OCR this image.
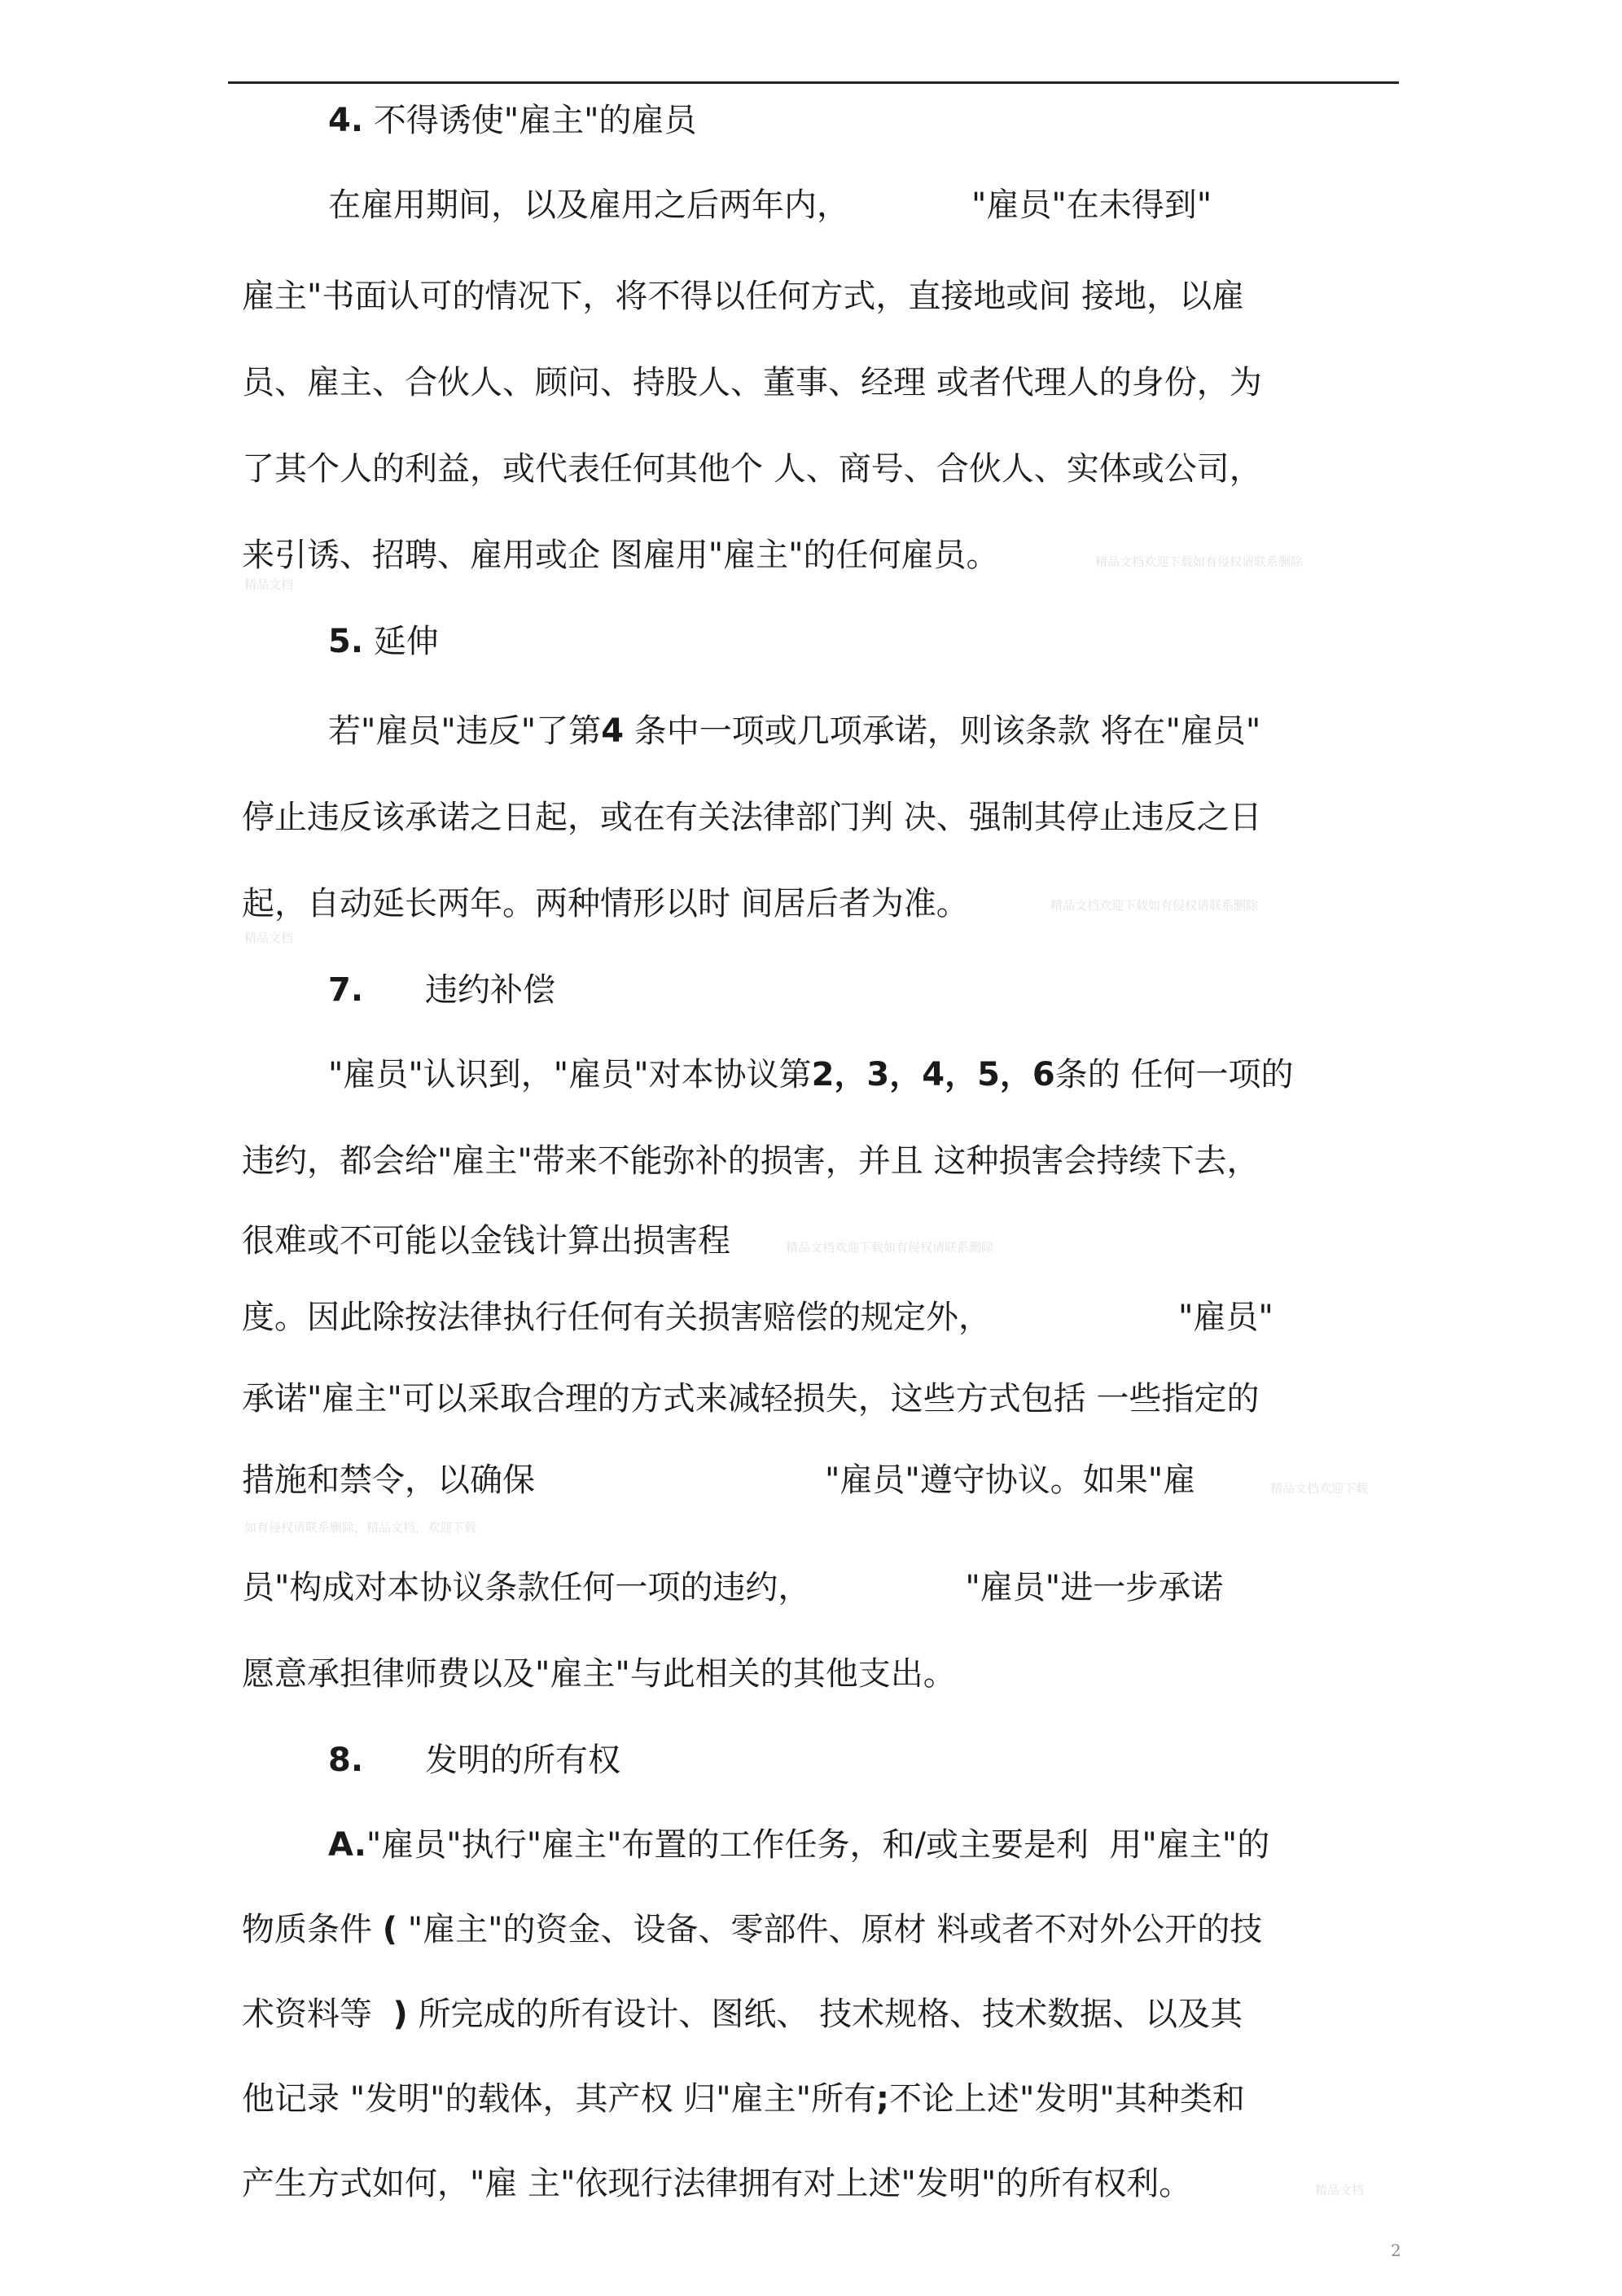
4. 不得诱使"雇主"的雇员
在雇用期间，以及雇用之后两年内，	"雇员"在未得到"
雇主"书面认可的情况下，将不得以任何方式，直接地或间 接地，以雇
员、雇主、合伙人、顾问、持股人、董事、经理 或者代理人的身份，为
了其个人的利益，或代表任何其他个 人、商号、合伙人、实体或公司，
来引诱、招聘、雇用或企 图雇用"雇主"的任何雇员。	精品文档欢迎下载如有侵权请联系删除
精品文档
5. 延伸
若"雇员"违反"了第4 条中一项或几项承诺，则该条款 将在"雇员"
停止违反该承诺之日起，或在有关法律部门判 决、强制其停止违反之日
起，自动延长两年。两种情形以时 间居后者为准。	精品文档欢迎下载如有侵权请联系删除
精品文档
7. 违约补偿
"雇员"认识到，"雇员"对本协议第2，3，4，5，6条的 任何一项的
违约，都会给"雇主"带来不能弥补的损害，并且 这种损害会持续下去，
很难或不可能以金钱计算出损害程	精品文档欢迎下载如有侵权请联系删除
度。因此除按法律执行任何有关损害赔偿的规定外，	"雇员"
承诺"雇主"可以采取合理的方式来减轻损失，这些方式包括 一些指定的
措施和禁令，以确保	"雇员"遵守协议。如果"雇	精品文档欢迎下载
如有侵权请联系删除，精品文档，欢迎下载
员"构成对本协议条款任何一项的违约，	"雇员"进一步承诺
愿意承担律师费以及"雇主"与此相关的其他支出。
8. 发明的所有权
A."雇员"执行"雇主"布置的工作任务，和/或主要是利  用"雇主"的
物质条件 ( "雇主"的资金、设备、零部件、原材 料或者不对外公开的技
术资料等 ) 所完成的所有设计、图纸、 技术规格、技术数据、以及其
他记录 "发明"的载体，其产权 归"雇主"所有;不论上述"发明"其种类和
产生方式如何，"雇 主"依现行法律拥有对上述"发明"的所有权利。	精品文档
2
